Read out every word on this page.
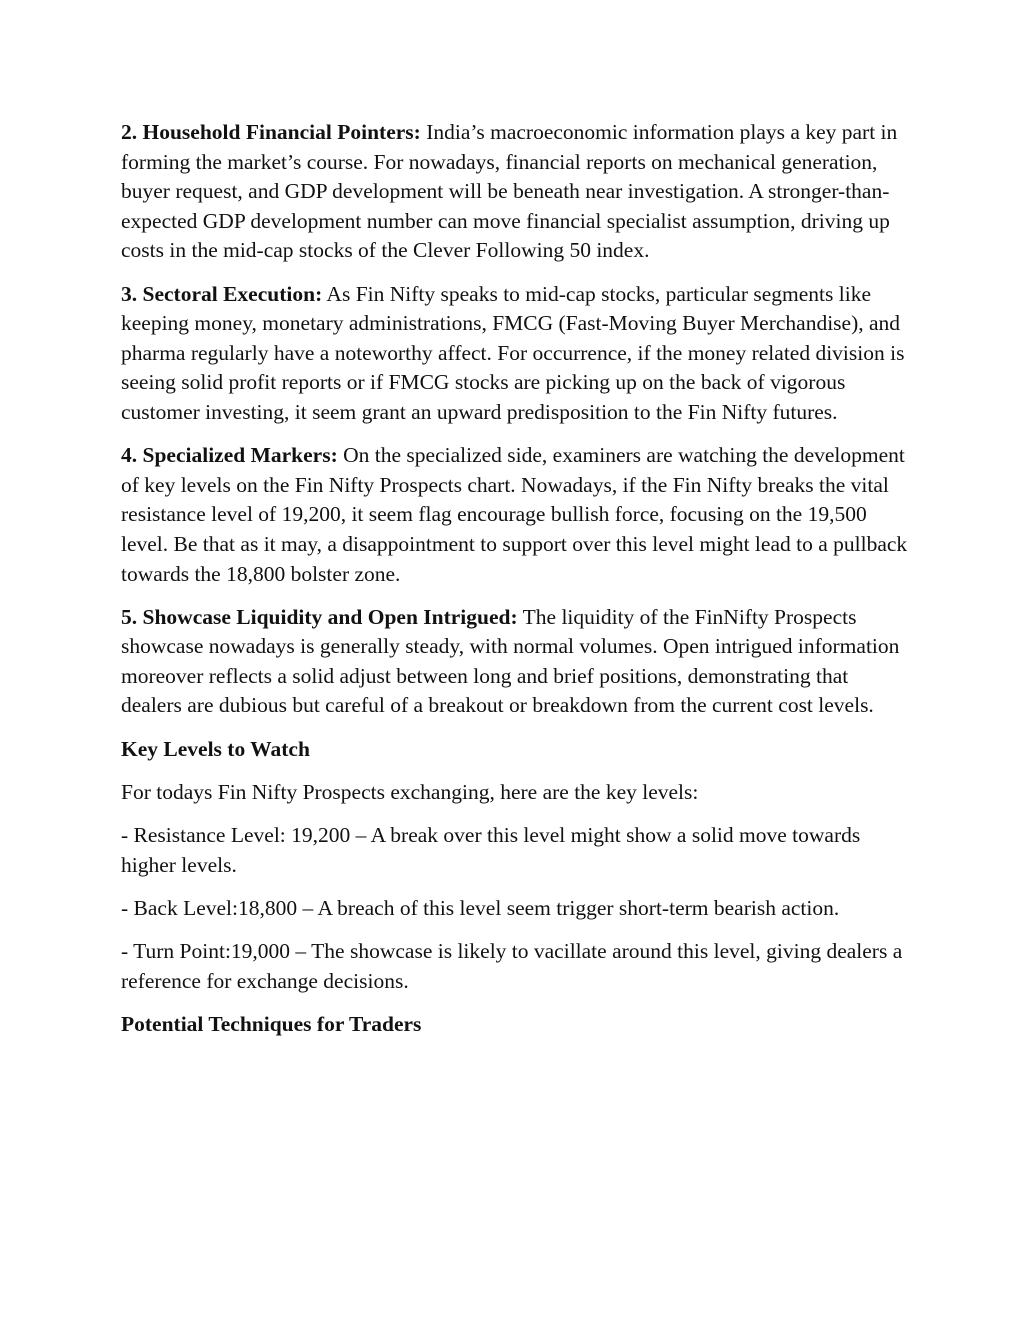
2. Household Financial Pointers: India’s macroeconomic information plays a key part in forming the market’s course. For nowadays, financial reports on mechanical generation, buyer request, and GDP development will be beneath near investigation. A stronger-than-expected GDP development number can move financial specialist assumption, driving up costs in the mid-cap stocks of the Clever Following 50 index.

3. Sectoral Execution: As Fin Nifty speaks to mid-cap stocks, particular segments like keeping money, monetary administrations, FMCG (Fast-Moving Buyer Merchandise), and pharma regularly have a noteworthy affect. For occurrence, if the money related division is seeing solid profit reports or if FMCG stocks are picking up on the back of vigorous customer investing, it seem grant an upward predisposition to the Fin Nifty futures.

4. Specialized Markers: On the specialized side, examiners are watching the development of key levels on the Fin Nifty Prospects chart. Nowadays, if the Fin Nifty breaks the vital resistance level of 19,200, it seem flag encourage bullish force, focusing on the 19,500 level. Be that as it may, a disappointment to support over this level might lead to a pullback towards the 18,800 bolster zone.

5. Showcase Liquidity and Open Intrigued: The liquidity of the FinNifty Prospects showcase nowadays is generally steady, with normal volumes. Open intrigued information moreover reflects a solid adjust between long and brief positions, demonstrating that dealers are dubious but careful of a breakout or breakdown from the current cost levels.

Key Levels to Watch

For todays Fin Nifty Prospects exchanging, here are the key levels:

- Resistance Level: 19,200 – A break over this level might show a solid move towards higher levels.

- Back Level:18,800 – A breach of this level seem trigger short-term bearish action.

- Turn Point:19,000 – The showcase is likely to vacillate around this level, giving dealers a reference for exchange decisions.

Potential Techniques for Traders
